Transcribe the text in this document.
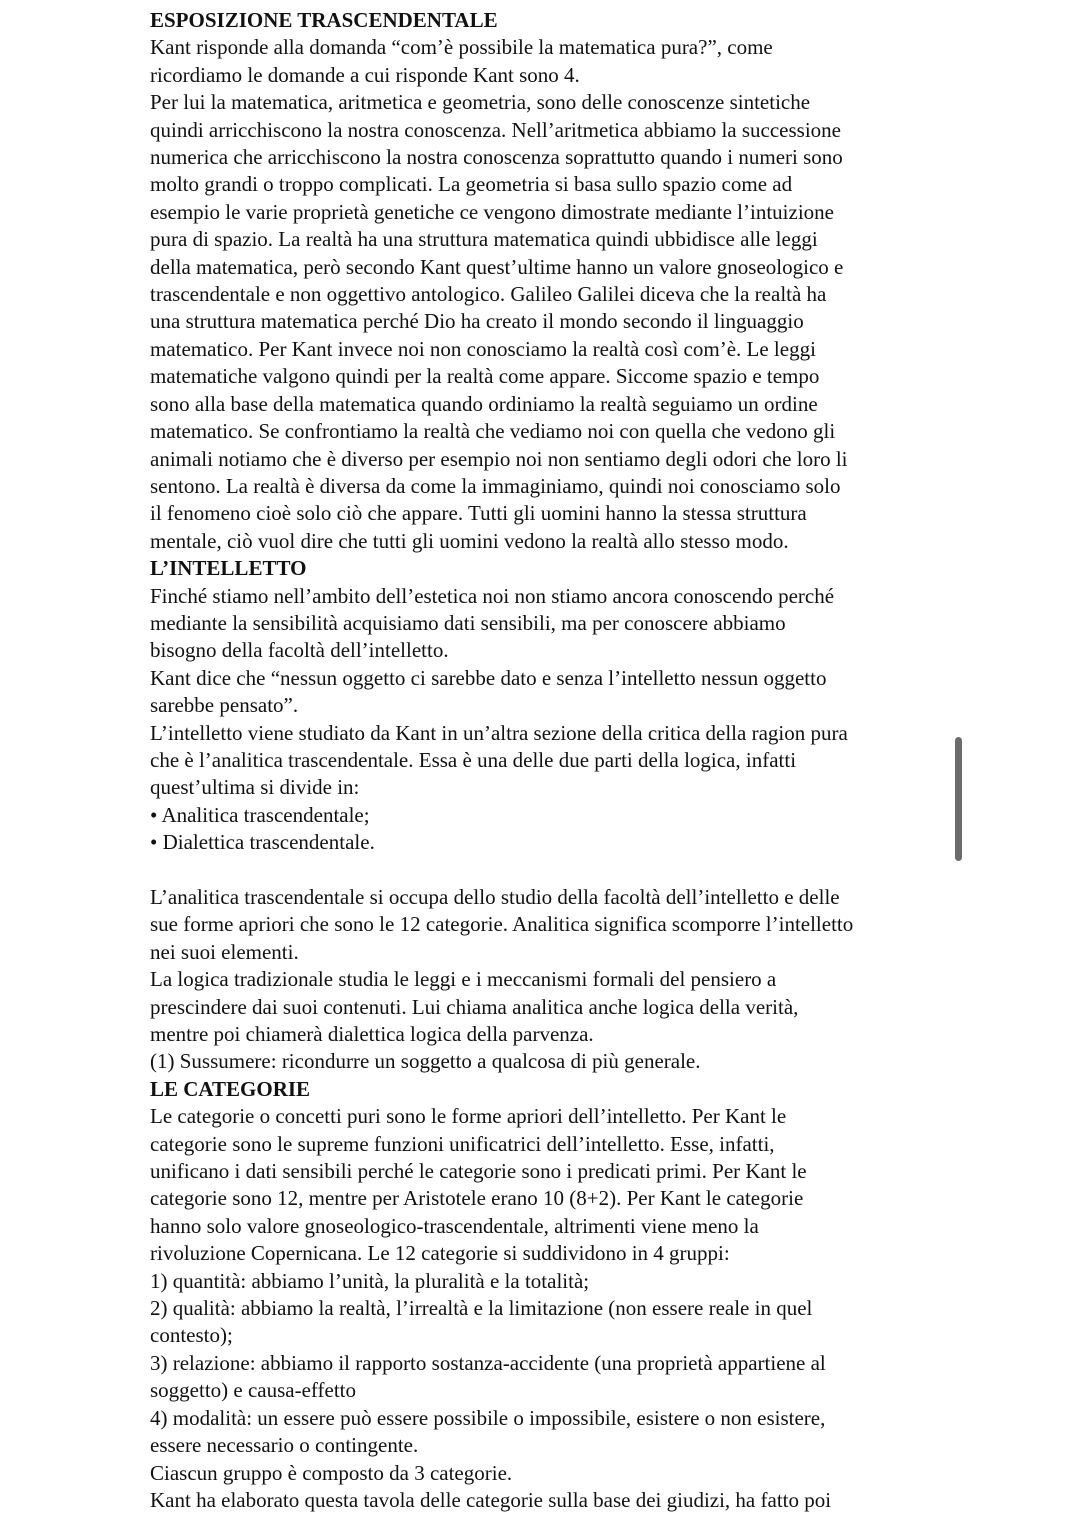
ESPOSIZIONE TRASCENDENTALE

Kant risponde alla domanda “com’è possibile la matematica pura?”, come

ricordiamo le domande a cui risponde Kant sono 4.

Per lui la matematica, aritmetica e geometria, sono delle conoscenze sintetiche

quindi arricchiscono la nostra conoscenza. Nell’aritmetica abbiamo la successione

numerica che arricchiscono la nostra conoscenza soprattutto quando i numeri sono

molto grandi o troppo complicati. La geometria si basa sullo spazio come ad

esempio le varie proprietà genetiche ce vengono dimostrate mediante l’intuizione

pura di spazio. La realtà ha una struttura matematica quindi ubbidisce alle leggi

della matematica, però secondo Kant quest’ultime hanno un valore gnoseologico e

trascendentale e non oggettivo antologico. Galileo Galilei diceva che la realtà ha

una struttura matematica perché Dio ha creato il mondo secondo il linguaggio

matematico. Per Kant invece noi non conosciamo la realtà così com’è. Le leggi

matematiche valgono quindi per la realtà come appare. Siccome spazio e tempo

sono alla base della matematica quando ordiniamo la realtà seguiamo un ordine

matematico. Se confrontiamo la realtà che vediamo noi con quella che vedono gli

animali notiamo che è diverso per esempio noi non sentiamo degli odori che loro li

sentono. La realtà è diversa da come la immaginiamo, quindi noi conosciamo solo

il fenomeno cioè solo ciò che appare. Tutti gli uomini hanno la stessa struttura

mentale, ciò vuol dire che tutti gli uomini vedono la realtà allo stesso modo.

L’INTELLETTO

Finché stiamo nell’ambito dell’estetica noi non stiamo ancora conoscendo perché

mediante la sensibilità acquisiamo dati sensibili, ma per conoscere abbiamo

bisogno della facoltà dell’intelletto.

Kant dice che “nessun oggetto ci sarebbe dato e senza l’intelletto nessun oggetto

sarebbe pensato”.

L’intelletto viene studiato da Kant in un’altra sezione della critica della ragion pura

che è l’analitica trascendentale. Essa è una delle due parti della logica, infatti

quest’ultima si divide in:

• Analitica trascendentale;

• Dialettica trascendentale.

L’analitica trascendentale si occupa dello studio della facoltà dell’intelletto e delle

sue forme apriori che sono le 12 categorie. Analitica significa scomporre l’intelletto

nei suoi elementi.

La logica tradizionale studia le leggi e i meccanismi formali del pensiero a

prescindere dai suoi contenuti. Lui chiama analitica anche logica della verità,

mentre poi chiamerà dialettica logica della parvenza.

(1) Sussumere: ricondurre un soggetto a qualcosa di più generale.

LE CATEGORIE

Le categorie o concetti puri sono le forme apriori dell’intelletto. Per Kant le

categorie sono le supreme funzioni unificatrici dell’intelletto. Esse, infatti,

unificano i dati sensibili perché le categorie sono i predicati primi. Per Kant le

categorie sono 12, mentre per Aristotele erano 10 (8+2). Per Kant le categorie

hanno solo valore gnoseologico-trascendentale, altrimenti viene meno la

rivoluzione Copernicana. Le 12 categorie si suddividono in 4 gruppi:

1) quantità: abbiamo l’unità, la pluralità e la totalità;

2) qualità: abbiamo la realtà, l’irrealtà e la limitazione (non essere reale in quel

contesto);

3) relazione: abbiamo il rapporto sostanza-accidente (una proprietà appartiene al

soggetto) e causa-effetto

4) modalità: un essere può essere possibile o impossibile, esistere o non esistere,

essere necessario o contingente.

Ciascun gruppo è composto da 3 categorie.

Kant ha elaborato questa tavola delle categorie sulla base dei giudizi, ha fatto poi
